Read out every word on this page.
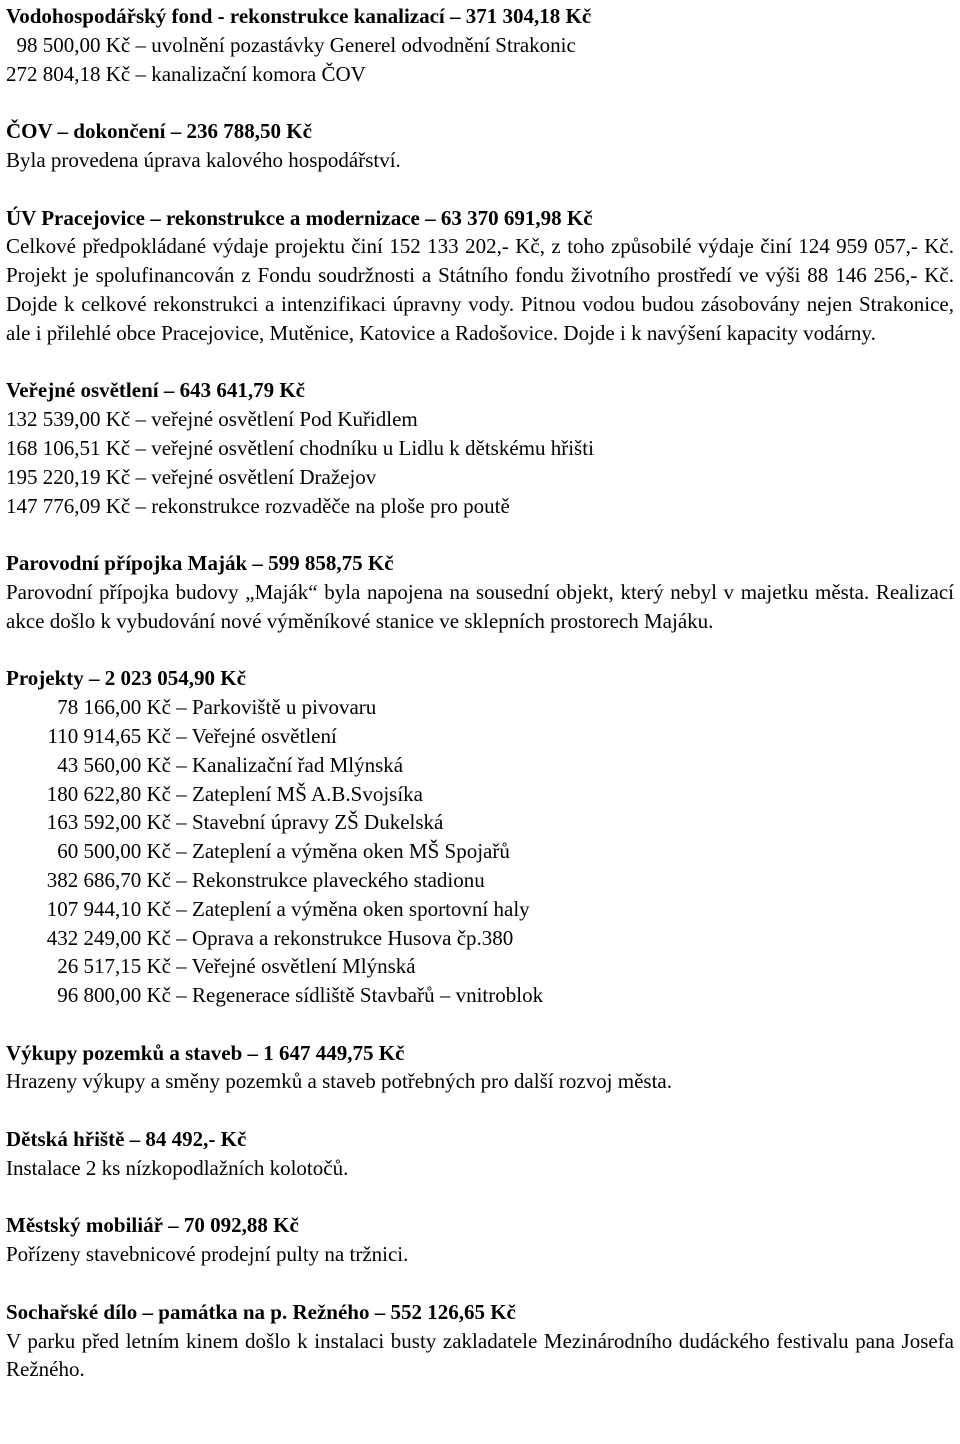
Vodohospodářský fond - rekonstrukce kanalizací – 371 304,18 Kč
98 500,00 Kč – uvolnění pozastávky Generel odvodnění Strakonic
272 804,18 Kč – kanalizační komora ČOV
ČOV – dokončení – 236 788,50 Kč
Byla provedena úprava kalového hospodářství.
ÚV Pracejovice – rekonstrukce a modernizace – 63 370 691,98 Kč
Celkové předpokládané výdaje projektu činí 152 133 202,- Kč, z toho způsobilé výdaje činí 124 959 057,- Kč. Projekt je spolufinancován z Fondu soudržnosti a Státního fondu životního prostředí ve výši 88 146 256,- Kč. Dojde k celkové rekonstrukci a intenzifikaci úpravny vody. Pitnou vodou budou zásobovány nejen Strakonice, ale i přilehlé obce Pracejovice, Mutěnice, Katovice a Radošovice. Dojde i k navýšení kapacity vodárny.
Veřejné osvětlení – 643 641,79 Kč
132 539,00 Kč – veřejné osvětlení Pod Kuřidlem
168 106,51 Kč – veřejné osvětlení chodníku u Lidlu k dětskému hřišti
195 220,19 Kč – veřejné osvětlení Dražejov
147 776,09 Kč – rekonstrukce rozvaděče na ploše pro poutě
Parovodní přípojka Maják – 599 858,75 Kč
Parovodní přípojka budovy „Maják“ byla napojena na sousední objekt, který nebyl v majetku města. Realizací akce došlo k vybudování nové výměníkové stanice ve sklepních prostorech Majáku.
Projekty – 2 023 054,90 Kč
78 166,00 Kč – Parkoviště u pivovaru
110 914,65 Kč – Veřejné osvětlení
43 560,00 Kč – Kanalizační řad Mlýnská
180 622,80 Kč – Zateplení MŠ A.B.Svojsíka
163 592,00 Kč – Stavební úpravy ZŠ Dukelská
60 500,00 Kč – Zateplení a výměna oken MŠ Spojařů
382 686,70 Kč – Rekonstrukce plaveckého stadionu
107 944,10 Kč – Zateplení a výměna oken sportovní haly
432 249,00 Kč – Oprava a rekonstrukce Husova čp.380
26 517,15 Kč – Veřejné osvětlení Mlýnská
96 800,00 Kč – Regenerace sídliště Stavbařů – vnitroblok
Výkupy pozemků a staveb – 1 647 449,75 Kč
Hrazeny výkupy a směny pozemků a staveb potřebných pro další rozvoj města.
Dětská hřiště – 84 492,- Kč
Instalace 2 ks nízkopodlažních kolotočů.
Městský mobiliář – 70 092,88 Kč
Pořízeny stavebnicové prodejní pulty na tržnici.
Sochařské dílo – památka na p. Režného – 552 126,65 Kč
V parku před letním kinem došlo k instalaci busty zakladatele Mezinárodního dudáckého festivalu pana Josefa Režného.
